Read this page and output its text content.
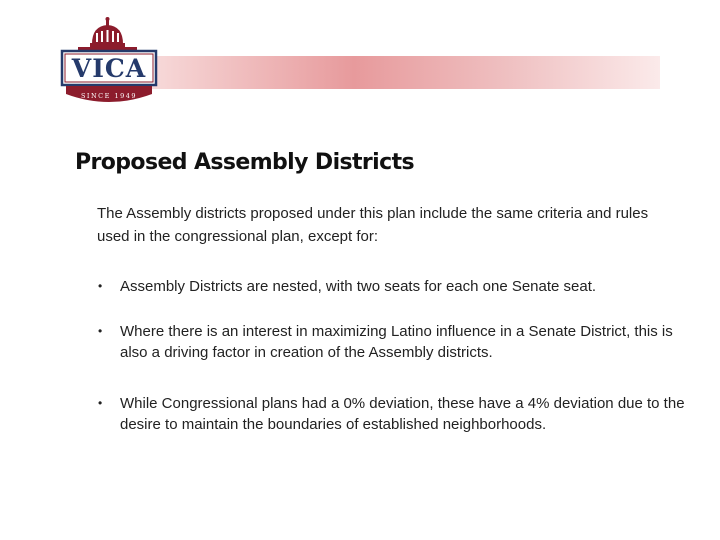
VICA
SINCE 1949
Proposed Assembly Districts

The Assembly districts proposed under this plan include the same criteria and rules used in the congressional plan, except for:

• Assembly Districts are nested, with two seats for each one Senate seat.
• Where there is an interest in maximizing Latino influence in a Senate District, this is also a driving factor in creation of the Assembly districts.
• While Congressional plans had a 0% deviation, these have a 4% deviation due to the desire to maintain the boundaries of established neighborhoods.
